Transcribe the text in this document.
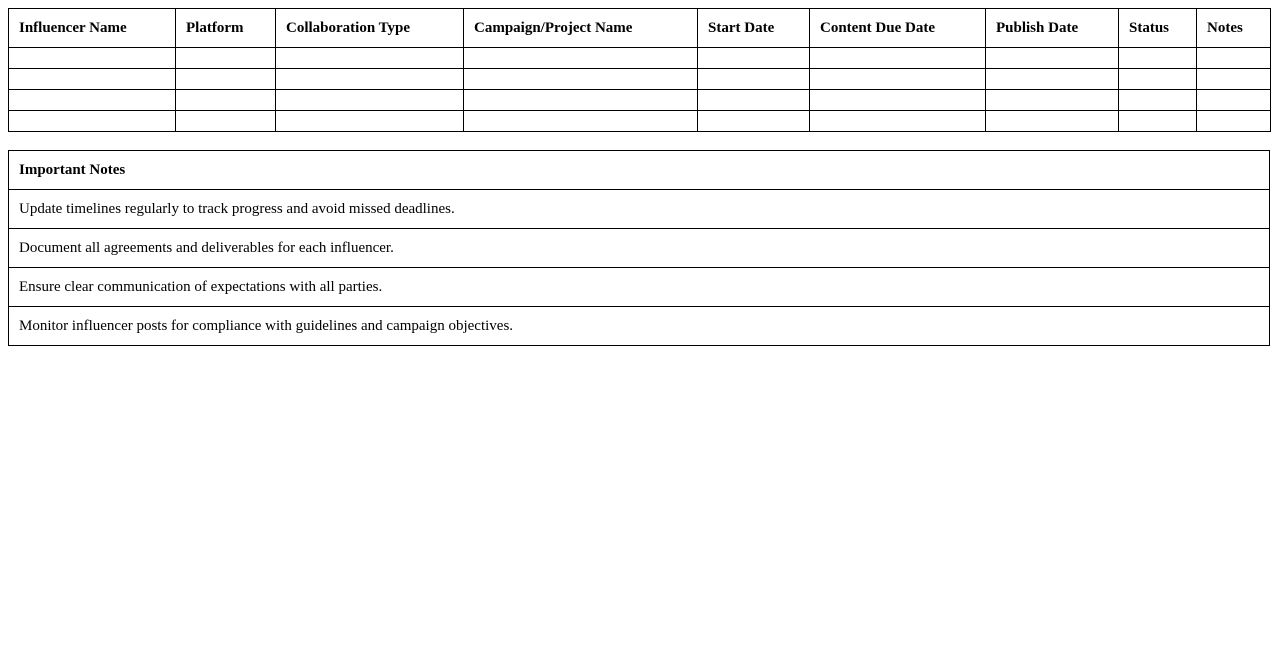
Influencer Name	Platform	Collaboration Type	Campaign/Project Name	Start Date	Content Due Date	Publish Date	Status	Notes

Important Notes
Update timelines regularly to track progress and avoid missed deadlines.
Document all agreements and deliverables for each influencer.
Ensure clear communication of expectations with all parties.
Monitor influencer posts for compliance with guidelines and campaign objectives.
